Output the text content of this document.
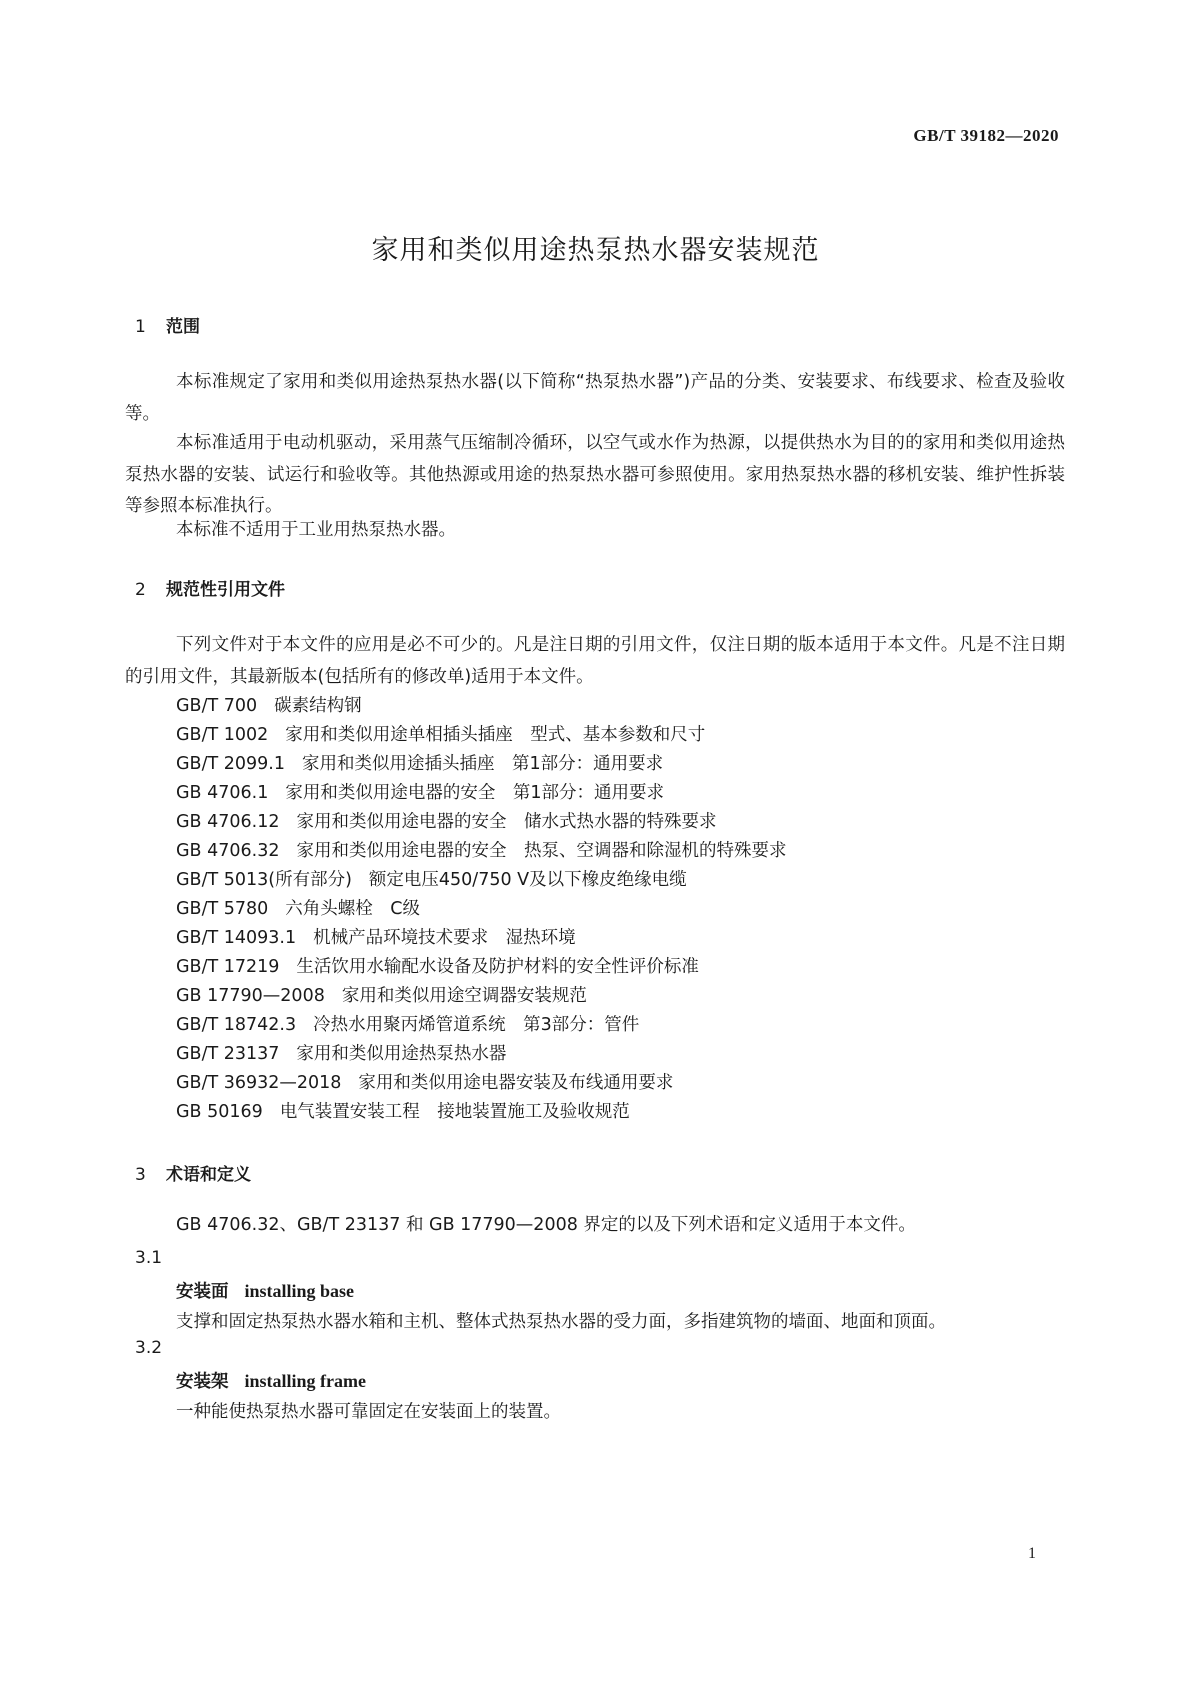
GB/T 39182—2020
家用和类似用途热泵热水器安装规范
1 范围
本标准规定了家用和类似用途热泵热水器(以下简称“热泵热水器”)产品的分类、安装要求、布线要求、检查及验收等。
本标准适用于电动机驱动，采用蒸气压缩制冷循环，以空气或水作为热源，以提供热水为目的的家用和类似用途热泵热水器的安装、试运行和验收等。其他热源或用途的热泵热水器可参照使用。家用热泵热水器的移机安装、维护性拆装等参照本标准执行。
本标准不适用于工业用热泵热水器。
2 规范性引用文件
下列文件对于本文件的应用是必不可少的。凡是注日期的引用文件，仅注日期的版本适用于本文件。凡是不注日期的引用文件，其最新版本(包括所有的修改单)适用于本文件。
GB/T 700 碳素结构钢
GB/T 1002 家用和类似用途单相插头插座　型式、基本参数和尺寸
GB/T 2099.1 家用和类似用途插头插座　第1部分：通用要求
GB 4706.1 家用和类似用途电器的安全　第1部分：通用要求
GB 4706.12 家用和类似用途电器的安全　储水式热水器的特殊要求
GB 4706.32 家用和类似用途电器的安全　热泵、空调器和除湿机的特殊要求
GB/T 5013(所有部分) 额定电压450/750 V及以下橡皮绝缘电缆
GB/T 5780 六角头螺栓　C级
GB/T 14093.1 机械产品环境技术要求　湿热环境
GB/T 17219 生活饮用水输配水设备及防护材料的安全性评价标准
GB 17790—2008 家用和类似用途空调器安装规范
GB/T 18742.3 冷热水用聚丙烯管道系统　第3部分：管件
GB/T 23137 家用和类似用途热泵热水器
GB/T 36932—2018 家用和类似用途电器安装及布线通用要求
GB 50169 电气装置安装工程　接地装置施工及验收规范
3 术语和定义
GB 4706.32、GB/T 23137 和 GB 17790—2008 界定的以及下列术语和定义适用于本文件。
3.1
安装面 installing base
支撑和固定热泵热水器水箱和主机、整体式热泵热水器的受力面，多指建筑物的墙面、地面和顶面。
3.2
安装架 installing frame
一种能使热泵热水器可靠固定在安装面上的装置。
1
